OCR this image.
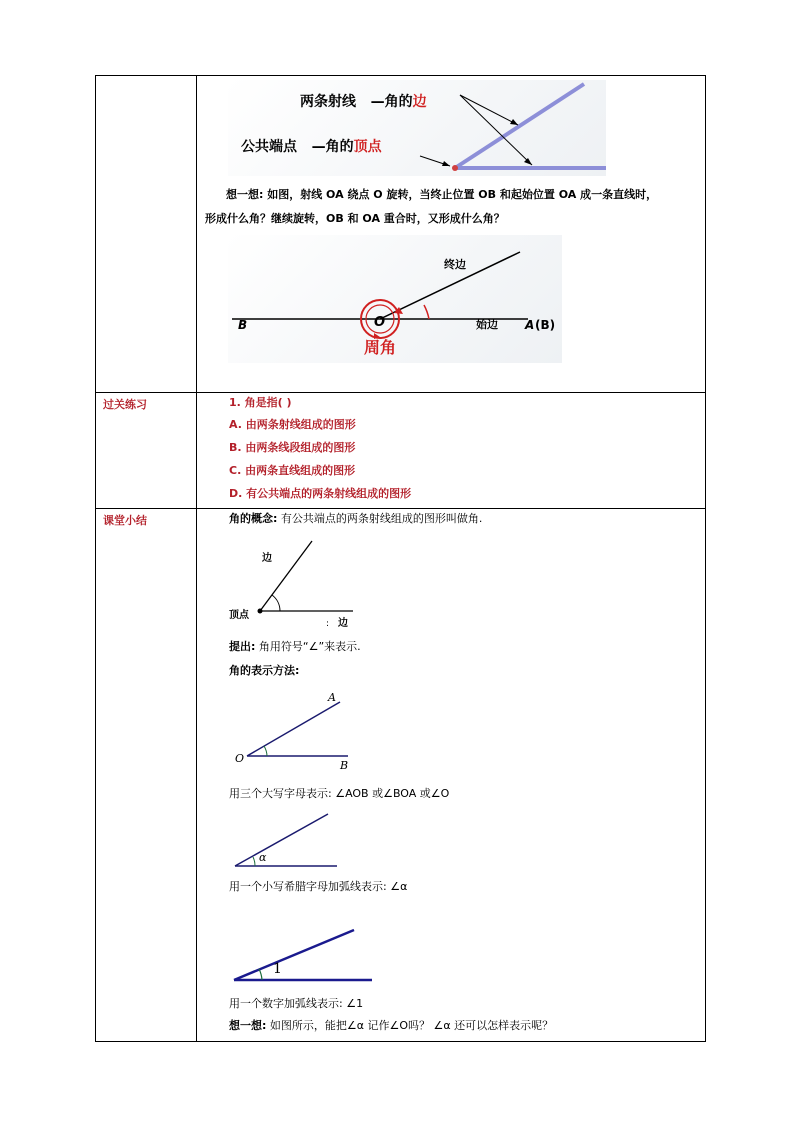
两条射线 —角的边
公共端点 —角的顶点
想一想: 如图，射线 OA 绕点 O 旋转，当终止位置 OB 和起始位置 OA 成一条直线时，
形成什么角？继续旋转，OB 和 OA 重合时，又形成什么角？
终边
始边
B	O	A (B)
周角
过关练习	1. 角是指( )
A. 由两条射线组成的图形
B. 由两条线段组成的图形
C. 由两条直线组成的图形
D. 有公共端点的两条射线组成的图形
课堂小结	角的概念: 有公共端点的两条射线组成的图形叫做角.
边
顶点
: 边
提出: 角用符号“∠”来表示.
角的表示方法:
A
O
B
用三个大写字母表示: ∠AOB 或∠BOA 或∠O
α
用一个小写希腊字母加弧线表示: ∠α
1
用一个数字加弧线表示: ∠1
想一想: 如图所示，能把∠α 记作∠O吗？ ∠α 还可以怎样表示呢？
